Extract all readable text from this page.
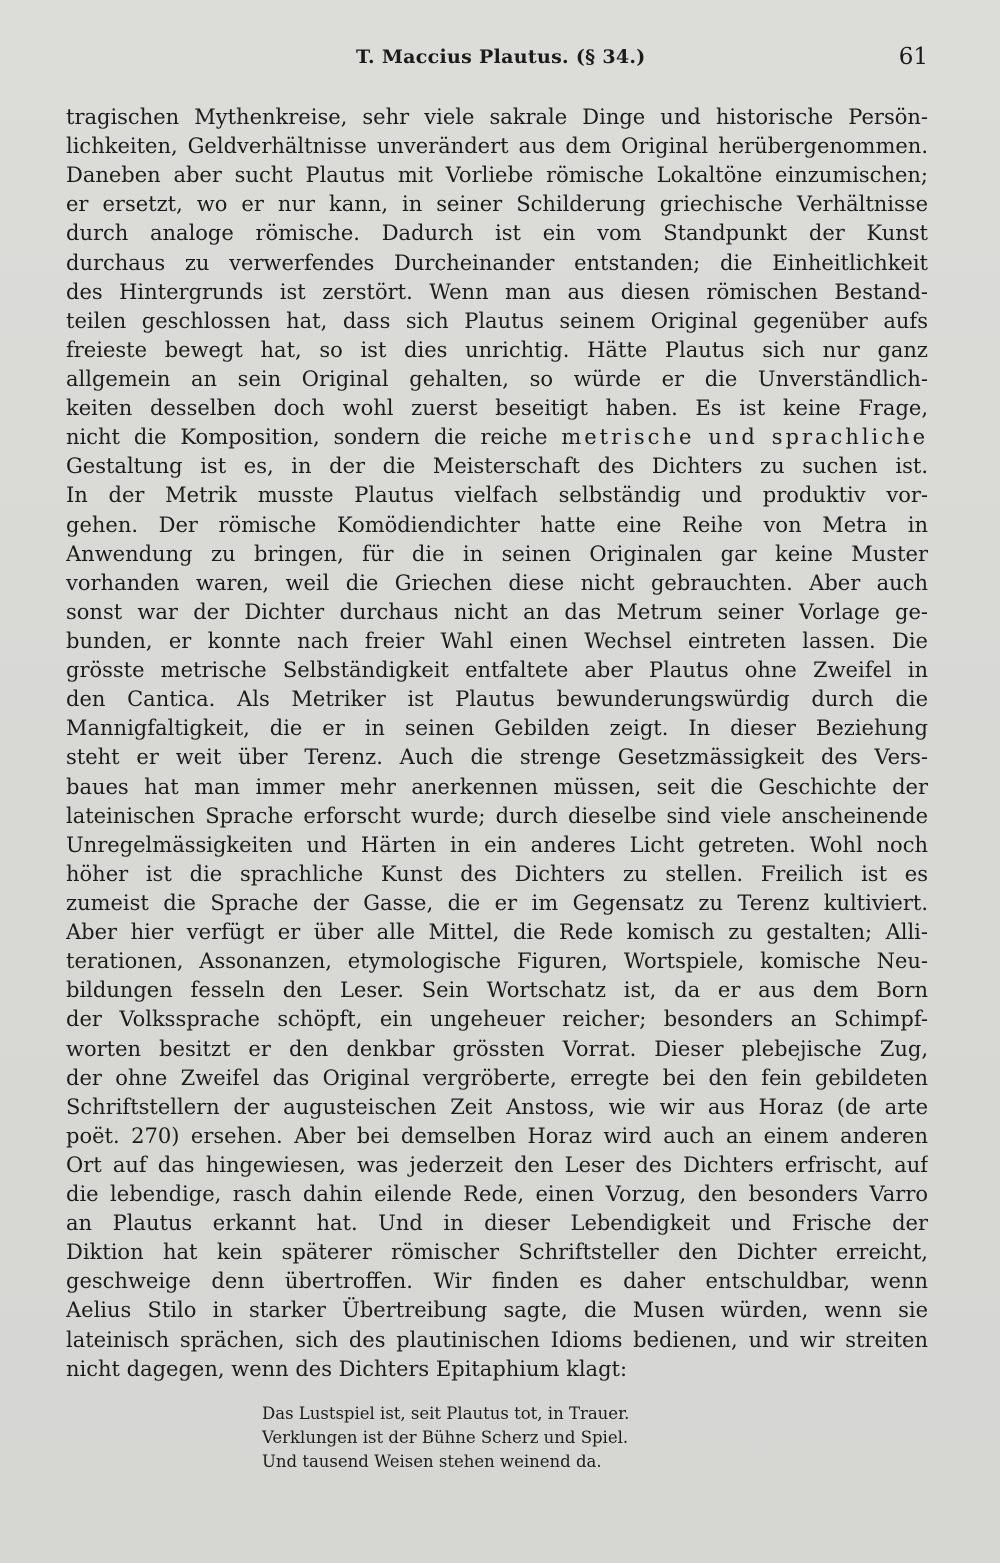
T. Maccius Plautus. (§ 34.)	61
tragischen Mythenkreise, sehr viele sakrale Dinge und historische Persön-
lichkeiten, Geldverhältnisse unverändert aus dem Original herübergenommen.
Daneben aber sucht Plautus mit Vorliebe römische Lokaltöne einzumischen;
er ersetzt, wo er nur kann, in seiner Schilderung griechische Verhältnisse
durch analoge römische. Dadurch ist ein vom Standpunkt der Kunst
durchaus zu verwerfendes Durcheinander entstanden; die Einheitlichkeit
des Hintergrunds ist zerstört. Wenn man aus diesen römischen Bestand-
teilen geschlossen hat, dass sich Plautus seinem Original gegenüber aufs
freieste bewegt hat, so ist dies unrichtig. Hätte Plautus sich nur ganz
allgemein an sein Original gehalten, so würde er die Unverständlich-
keiten desselben doch wohl zuerst beseitigt haben. Es ist keine Frage,
nicht die Komposition, sondern die reiche metrische und sprachliche
Gestaltung ist es, in der die Meisterschaft des Dichters zu suchen ist.
In der Metrik musste Plautus vielfach selbständig und produktiv vor-
gehen. Der römische Komödiendichter hatte eine Reihe von Metra in
Anwendung zu bringen, für die in seinen Originalen gar keine Muster
vorhanden waren, weil die Griechen diese nicht gebrauchten. Aber auch
sonst war der Dichter durchaus nicht an das Metrum seiner Vorlage ge-
bunden, er konnte nach freier Wahl einen Wechsel eintreten lassen. Die
grösste metrische Selbständigkeit entfaltete aber Plautus ohne Zweifel in
den Cantica. Als Metriker ist Plautus bewunderungswürdig durch die
Mannigfaltigkeit, die er in seinen Gebilden zeigt. In dieser Beziehung
steht er weit über Terenz. Auch die strenge Gesetzmässigkeit des Vers-
baues hat man immer mehr anerkennen müssen, seit die Geschichte der
lateinischen Sprache erforscht wurde; durch dieselbe sind viele anscheinende
Unregelmässigkeiten und Härten in ein anderes Licht getreten. Wohl noch
höher ist die sprachliche Kunst des Dichters zu stellen. Freilich ist es
zumeist die Sprache der Gasse, die er im Gegensatz zu Terenz kultiviert.
Aber hier verfügt er über alle Mittel, die Rede komisch zu gestalten; Alli-
terationen, Assonanzen, etymologische Figuren, Wortspiele, komische Neu-
bildungen fesseln den Leser. Sein Wortschatz ist, da er aus dem Born
der Volkssprache schöpft, ein ungeheuer reicher; besonders an Schimpf-
worten besitzt er den denkbar grössten Vorrat. Dieser plebejische Zug,
der ohne Zweifel das Original vergröberte, erregte bei den fein gebildeten
Schriftstellern der augusteischen Zeit Anstoss, wie wir aus Horaz (de arte
poët. 270) ersehen. Aber bei demselben Horaz wird auch an einem anderen
Ort auf das hingewiesen, was jederzeit den Leser des Dichters erfrischt, auf
die lebendige, rasch dahin eilende Rede, einen Vorzug, den besonders Varro
an Plautus erkannt hat. Und in dieser Lebendigkeit und Frische der
Diktion hat kein späterer römischer Schriftsteller den Dichter erreicht,
geschweige denn übertroffen. Wir finden es daher entschuldbar, wenn
Aelius Stilo in starker Übertreibung sagte, die Musen würden, wenn sie
lateinisch sprächen, sich des plautinischen Idioms bedienen, und wir streiten
nicht dagegen, wenn des Dichters Epitaphium klagt:
Das Lustspiel ist, seit Plautus tot, in Trauer.
Verklungen ist der Bühne Scherz und Spiel.
Und tausend Weisen stehen weinend da.
